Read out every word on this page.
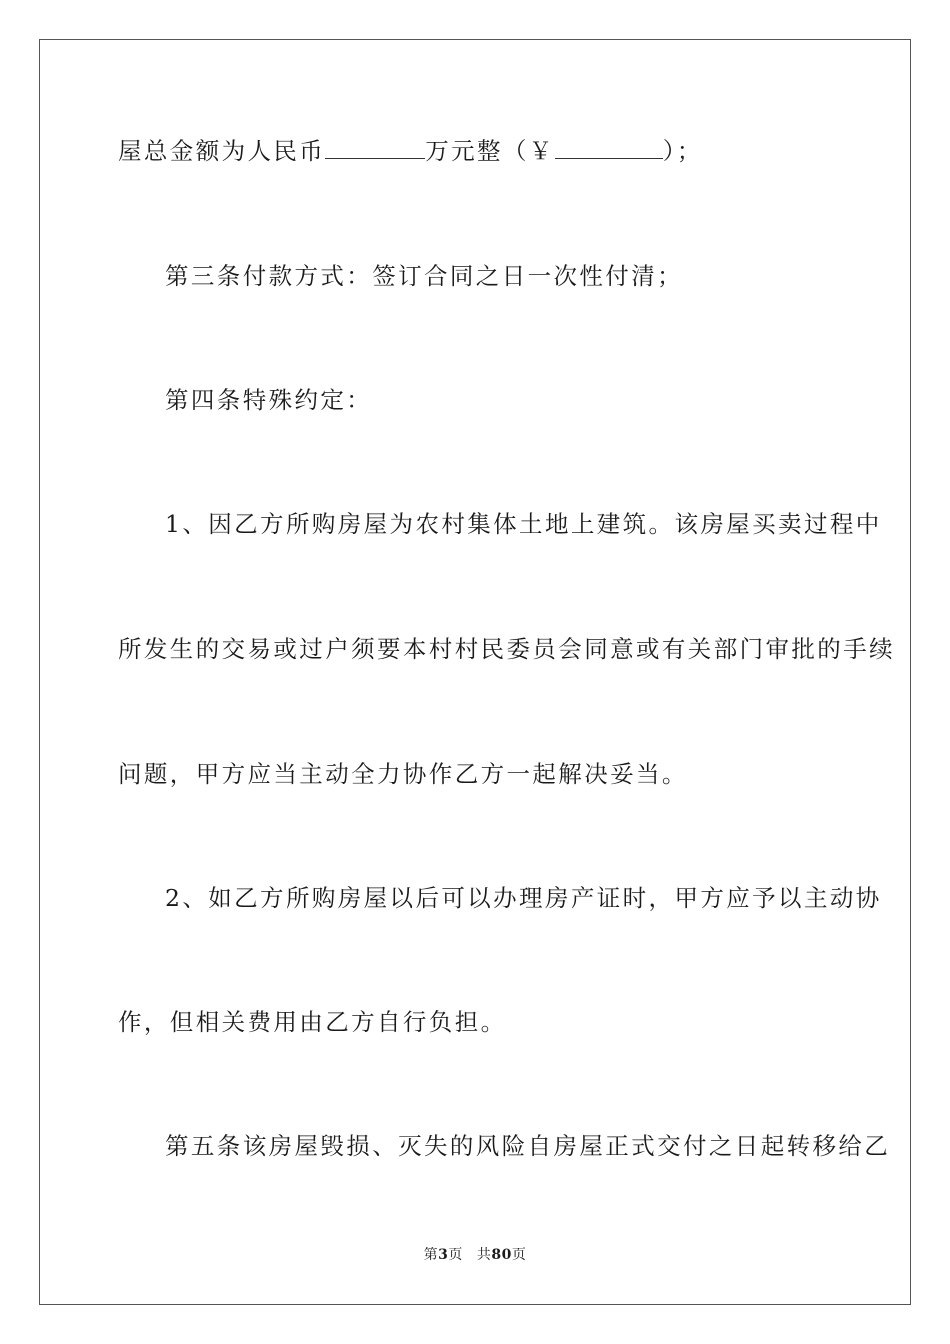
屋总金额为人民币	万元整（￥	）；
第三条付款方式：签订合同之日一次性付清；
第四条特殊约定：
1、因乙方所购房屋为农村集体土地上建筑。该房屋买卖过程中
所发生的交易或过户须要本村村民委员会同意或有关部门审批的手续
问题，甲方应当主动全力协作乙方一起解决妥当。
2、如乙方所购房屋以后可以办理房产证时，甲方应予以主动协
作，但相关费用由乙方自行负担。
第五条该房屋毁损、灭失的风险自房屋正式交付之日起转移给乙
第3页 共80页
